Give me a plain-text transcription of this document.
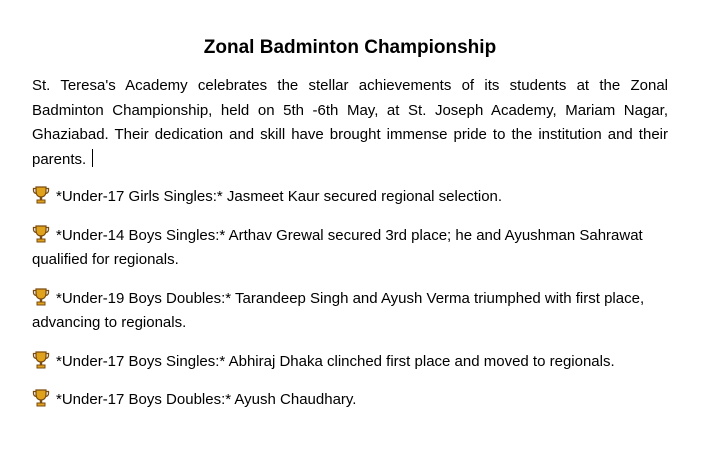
Zonal Badminton Championship

St. Teresa's Academy celebrates the stellar achievements of its students at the Zonal Badminton Championship, held on 5th -6th May, at St. Joseph Academy, Mariam Nagar, Ghaziabad. Their dedication and skill have brought immense pride to the institution and their parents.

*Under-17 Girls Singles:* Jasmeet Kaur secured regional selection.

*Under-14 Boys Singles:* Arthav Grewal secured 3rd place; he and Ayushman Sahrawat qualified for regionals.

*Under-19 Boys Doubles:* Tarandeep Singh and Ayush Verma triumphed with first place, advancing to regionals.

*Under-17 Boys Singles:* Abhiraj Dhaka clinched first place and moved to regionals.

*Under-17 Boys Doubles:* Ayush Chaudhary.
